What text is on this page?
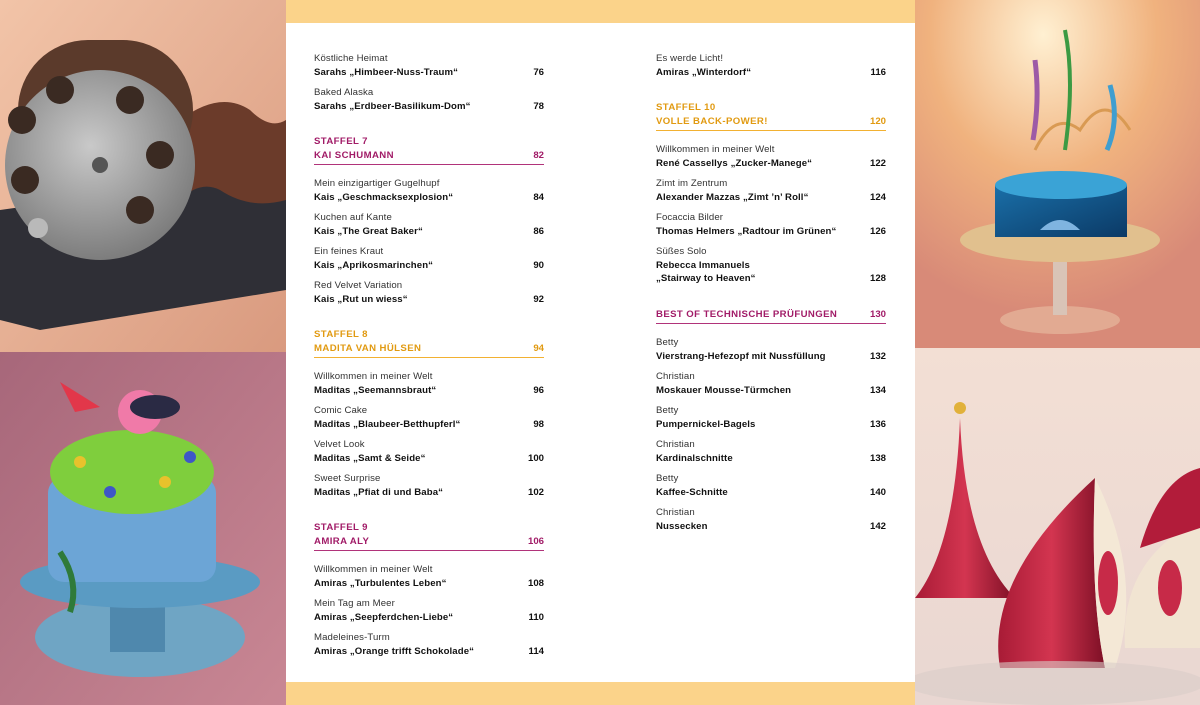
Köstliche Heimat
Sarahs „Himbeer-Nuss-Traum“	76
Baked Alaska
Sarahs „Erdbeer-Basilikum-Dom“	78
STAFFEL 7
KAI SCHUMANN	82
Mein einzigartiger Gugelhupf
Kais „Geschmacksexplosion“	84
Kuchen auf Kante
Kais „The Great Baker“	86
Ein feines Kraut
Kais „Aprikosmarinchen“	90
Red Velvet Variation
Kais „Rut un wiess“	92
STAFFEL 8
MADITA VAN HÜLSEN	94
Willkommen in meiner Welt
Maditas „Seemannsbraut“	96
Comic Cake
Maditas „Blaubeer-Betthupferl“	98
Velvet Look
Maditas „Samt & Seide“	100
Sweet Surprise
Maditas „Pfiat di und Baba“	102
STAFFEL 9
AMIRA ALY	106
Willkommen in meiner Welt
Amiras „Turbulentes Leben“	108
Mein Tag am Meer
Amiras „Seepferdchen-Liebe“	110
Madeleines-Turm
Amiras „Orange trifft Schokolade“	114
Es werde Licht!
Amiras „Winterdorf“	116
STAFFEL 10
VOLLE BACK-POWER!	120
Willkommen in meiner Welt
René Cassellys „Zucker-Manege“	122
Zimt im Zentrum
Alexander Mazzas „Zimt ’n’ Roll“	124
Focaccia Bilder
Thomas Helmers „Radtour im Grünen“	126
Süßes Solo
Rebecca Immanuels
„Stairway to Heaven“	128
BEST OF TECHNISCHE PRÜFUNGEN	130
Betty
Vierstrang-Hefezopf mit Nussfüllung	132
Christian
Moskauer Mousse-Türmchen	134
Betty
Pumpernickel-Bagels	136
Christian
Kardinalschnitte	138
Betty
Kaffee-Schnitte	140
Christian
Nussecken	142
